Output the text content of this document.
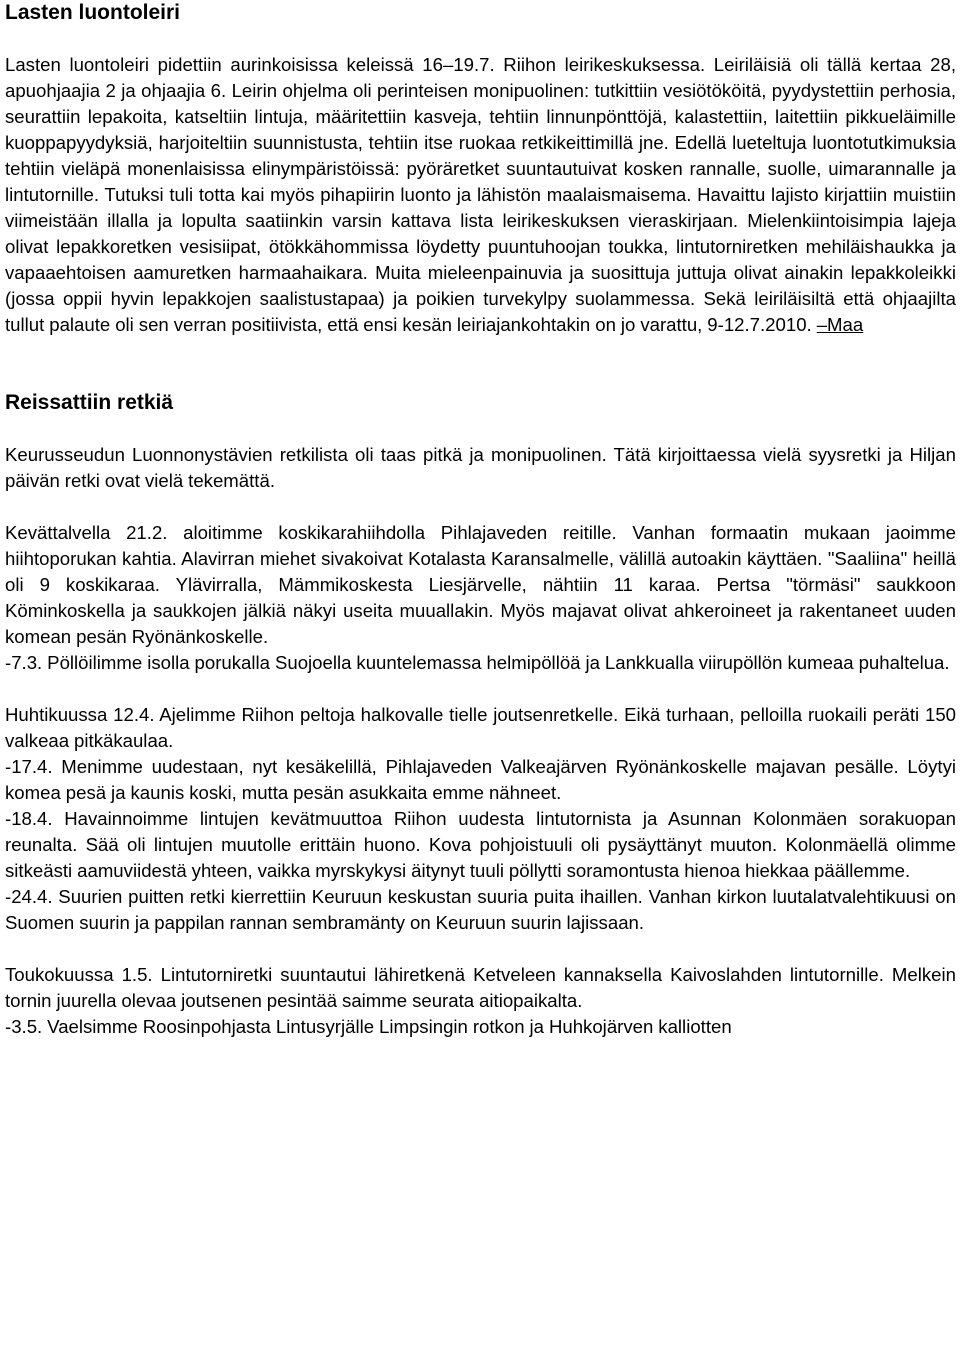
Lasten luontoleiri

Lasten luontoleiri pidettiin aurinkoisissa keleissä 16–19.7. Riihon leirikeskuksessa. Leiriläisiä oli tällä kertaa 28, apuohjaajia 2 ja ohjaajia 6. Leirin ohjelma oli perinteisen monipuolinen: tutkittiin vesiötököitä, pyydystettiin perhosia, seurattiin lepakoita, katseltiin lintuja, määritettiin kasveja, tehtiin linnunpönttöjä, kalastettiin, laitettiin pikkueläimille kuoppapyydyksiä, harjoiteltiin suunnistusta, tehtiin itse ruokaa retkikeittimillä jne. Edellä lueteltuja luontotutkimuksia tehtiin vieläpä monenlaisissa elinympäristöissä: pyöräretket suuntautuivat kosken rannalle, suolle, uimarannalle ja lintutornille. Tutuksi tuli totta kai myös pihapiirin luonto ja lähistön maalaismaisema. Havaittu lajisto kirjattiin muistiin viimeistään illalla ja lopulta saatiinkin varsin kattava lista leirikeskuksen vieraskirjaan. Mielenkiintoisimpia lajeja olivat lepakkoretken vesisiipat, ötökkähommissa löydetty puuntuhoojan toukka, lintutorniretken mehiläishaukka ja vapaaehtoisen aamuretken harmaahaikara. Muita mieleenpainuvia ja suosittuja juttuja olivat ainakin lepakkoleikki (jossa oppii hyvin lepakkojen saalistustapaa) ja poikien turvekylpy suolammessa. Sekä leiriläisiltä että ohjaajilta tullut palaute oli sen verran positiivista, että ensi kesän leiriajankohtakin on jo varattu, 9-12.7.2010. –Maa

Reissattiin retkiä

Keurusseudun Luonnonystävien retkilista oli taas pitkä ja monipuolinen. Tätä kirjoittaessa vielä syysretki ja Hiljan päivän retki ovat vielä tekemättä.

Kevättalvella 21.2. aloitimme koskikarahiihdolla Pihlajaveden reitille. Vanhan formaatin mukaan jaoimme hiihtoporukan kahtia. Alavirran miehet sivakoivat Kotalasta Karansalmelle, välillä autoakin käyttäen. "Saaliina" heillä oli 9 koskikaraa. Ylävirralla, Mämmikoskesta Liesjärvelle, nähtiin 11 karaa. Pertsa "törmäsi" saukkoon Köminkoskella ja saukkojen jälkiä näkyi useita muuallakin. Myös majavat olivat ahkeroineet ja rakentaneet uuden komean pesän Ryönänkoskelle.

-7.3. Pöllöilimme isolla porukalla Suojoella kuuntelemassa helmipöllöä ja Lankkualla viirupöllön kumeaa puhaltelua.

Huhtikuussa 12.4. Ajelimme Riihon peltoja halkovalle tielle joutsenretkelle. Eikä turhaan, pelloilla ruokaili peräti 150 valkeaa pitkäkaulaa.

-17.4. Menimme uudestaan, nyt kesäkelillä, Pihlajaveden Valkeajärven Ryönänkoskelle majavan pesälle. Löytyi komea pesä ja kaunis koski, mutta pesän asukkaita emme nähneet.

-18.4. Havainnoimme lintujen kevätmuuttoa Riihon uudesta lintutornista ja Asunnan Kolonmäen sorakuopan reunalta. Sää oli lintujen muutolle erittäin huono. Kova pohjoistuuli oli pysäyttänyt muuton. Kolonmäellä olimme sitkeästi aamuviidestä yhteen, vaikka myrskykysi äitynyt tuuli pöllytti soramontusta hienoa hiekkaa päällemme.

-24.4. Suurien puitten retki kierrettiin Keuruun keskustan suuria puita ihaillen. Vanhan kirkon luutalatvalehtikuusi on Suomen suurin ja pappilan rannan sembramänty on Keuruun suurin lajissaan.

Toukokuussa 1.5. Lintutorniretki suuntautui lähiretkenä Ketveleen kannaksella Kaivoslahden lintutornille. Melkein tornin juurella olevaa joutsenen pesintää saimme seurata aitiopaikalta.

-3.5. Vaelsimme Roosinpohjasta Lintusyrjälle Limpsingin rotkon ja Huhkojärven kalliotten
